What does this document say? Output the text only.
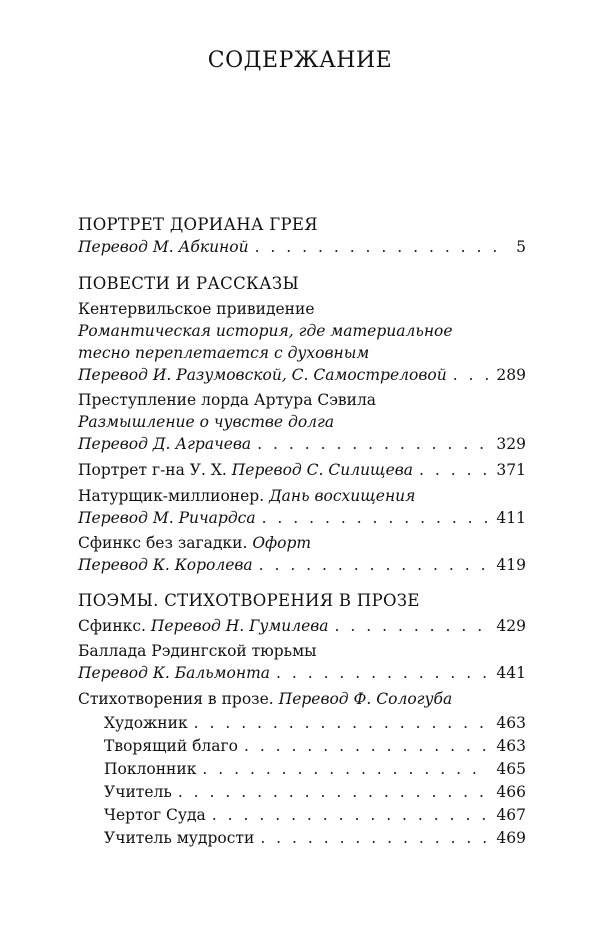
СОДЕРЖАНИЕ
ПОРТРЕТ ДОРИАНА ГРЕЯ
Перевод М. Абкиной . . .	5
ПОВЕСТИ И РАССКАЗЫ
Кентервильское привидение
Романтическая история, где материальное
тесно переплетается с духовным
Перевод И. Разумовской, С. Самостреловой . . .	289
Преступление лорда Артура Сэвила
Размышление о чувстве долга
Перевод Д. Аграчева . . .	329
Портрет г-на У. Х. Перевод С. Силищева . . .	371
Натурщик-миллионер. Дань восхищения
Перевод М. Ричардса . . .	411
Сфинкс без загадки. Офорт
Перевод К. Королева . . .	419
ПОЭМЫ. СТИХОТВОРЕНИЯ В ПРОЗЕ
Сфинкс. Перевод Н. Гумилева . . .	429
Баллада Рэдингской тюрьмы
Перевод К. Бальмонта . . .	441
Стихотворения в прозе. Перевод Ф. Сологуба
Художник . . .	463
Творящий благо . . .	463
Поклонник . . .	465
Учитель . . .	466
Чертог Суда . . .	467
Учитель мудрости . . .	469
